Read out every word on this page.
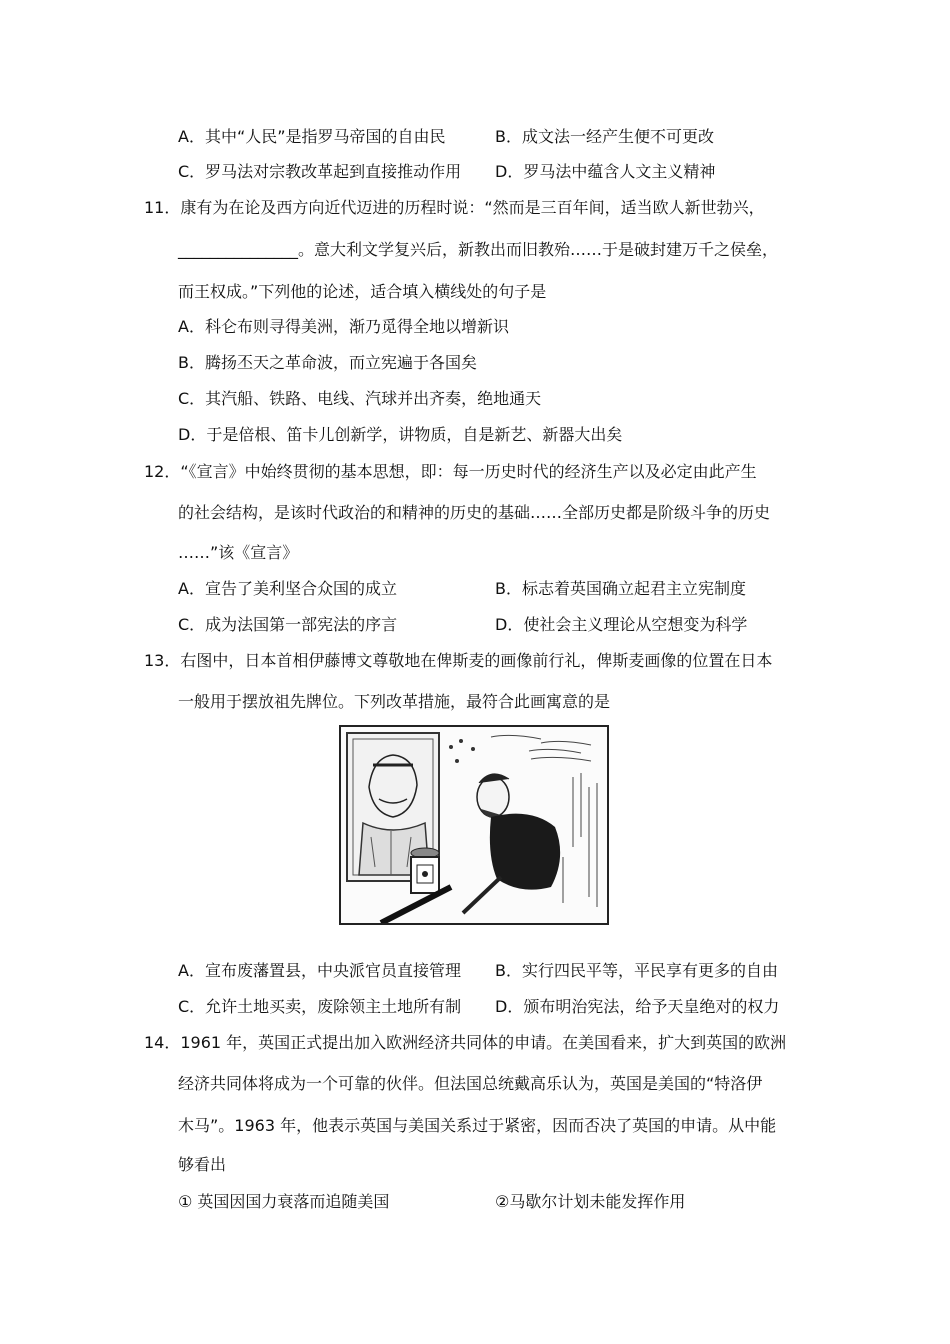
A．其中“人民”是指罗马帝国的自由民	B．成文法一经产生便不可更改
C．罗马法对宗教改革起到直接推动作用 D．罗马法中蕴含人文主义精神
11．康有为在论及西方向近代迈进的历程时说：“然而是三百年间，适当欧人新世勃兴，
_______________。意大利文学复兴后，新教出而旧教殆……于是破封建万千之侯垒，
而王权成。”下列他的论述，适合填入横线处的句子是
A．科仑布则寻得美洲，渐乃觅得全地以增新识
B．腾扬丕天之革命波，而立宪遍于各国矣
C．其汽船、铁路、电线、汽球并出齐奏，绝地通天
D．于是倍根、笛卡儿创新学，讲物质，自是新艺、新器大出矣
12．“《宣言》中始终贯彻的基本思想，即：每一历史时代的经济生产以及必定由此产生
的社会结构，是该时代政治的和精神的历史的基础……全部历史都是阶级斗争的历史
……”该《宣言》
A．宣告了美利坚合众国的成立	B．标志着英国确立起君主立宪制度
C．成为法国第一部宪法的序言	D．使社会主义理论从空想变为科学
13．右图中，日本首相伊藤博文尊敬地在俾斯麦的画像前行礼，俾斯麦画像的位置在日本
一般用于摆放祖先牌位。下列改革措施，最符合此画寓意的是
A．宣布废藩置县，中央派官员直接管理 B．实行四民平等，平民享有更多的自由
C．允许土地买卖，废除领主土地所有制 D．颁布明治宪法，给予天皇绝对的权力
14．1961 年，英国正式提出加入欧洲经济共同体的申请。在美国看来，扩大到英国的欧洲
经济共同体将成为一个可靠的伙伴。但法国总统戴高乐认为，英国是美国的“特洛伊
木马”。1963 年，他表示英国与美国关系过于紧密，因而否决了英国的申请。从中能
够看出
① 英国因国力衰落而追随美国	②马歇尔计划未能发挥作用
